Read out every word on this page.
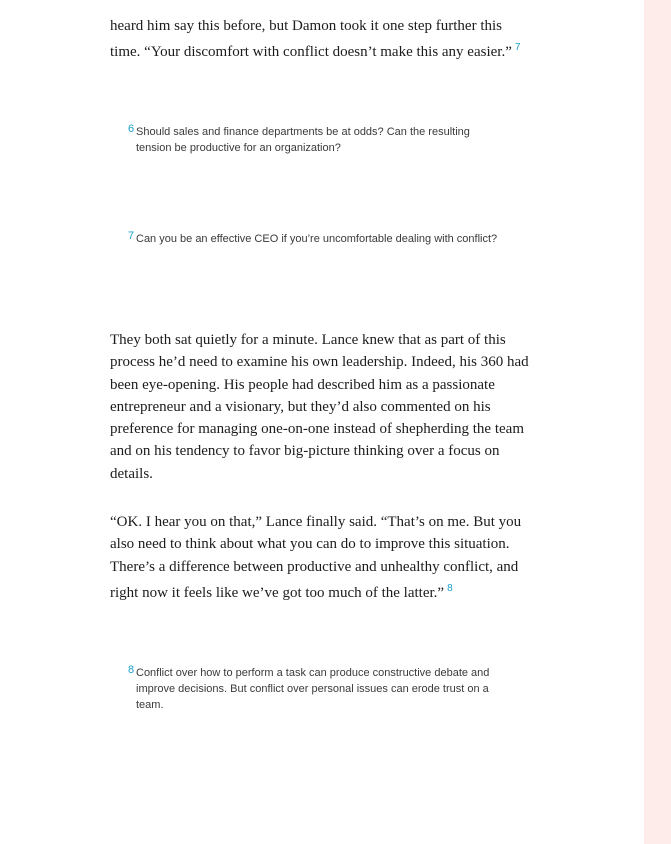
heard him say this before, but Damon took it one step further this time. “Your discomfort with conflict doesn’t make this any easier.” $^7$

6 Should sales and finance departments be at odds? Can the resulting tension be productive for an organization?
7 Can you be an effective CEO if you’re uncomfortable dealing with conflict?

They both sat quietly for a minute. Lance knew that as part of this process he’d need to examine his own leadership. Indeed, his 360 had been eye-opening. His people had described him as a passionate entrepreneur and a visionary, but they’d also commented on his preference for managing one-on-one instead of shepherding the team and on his tendency to favor big-picture thinking over a focus on details.

“OK. I hear you on that,” Lance finally said. “That’s on me. But you also need to think about what you can do to improve this situation. There’s a difference between productive and unhealthy conflict, and right now it feels like we’ve got too much of the latter.” $^8$

8 Conflict over how to perform a task can produce constructive debate and improve decisions. But conflict over personal issues can erode trust on a team.
